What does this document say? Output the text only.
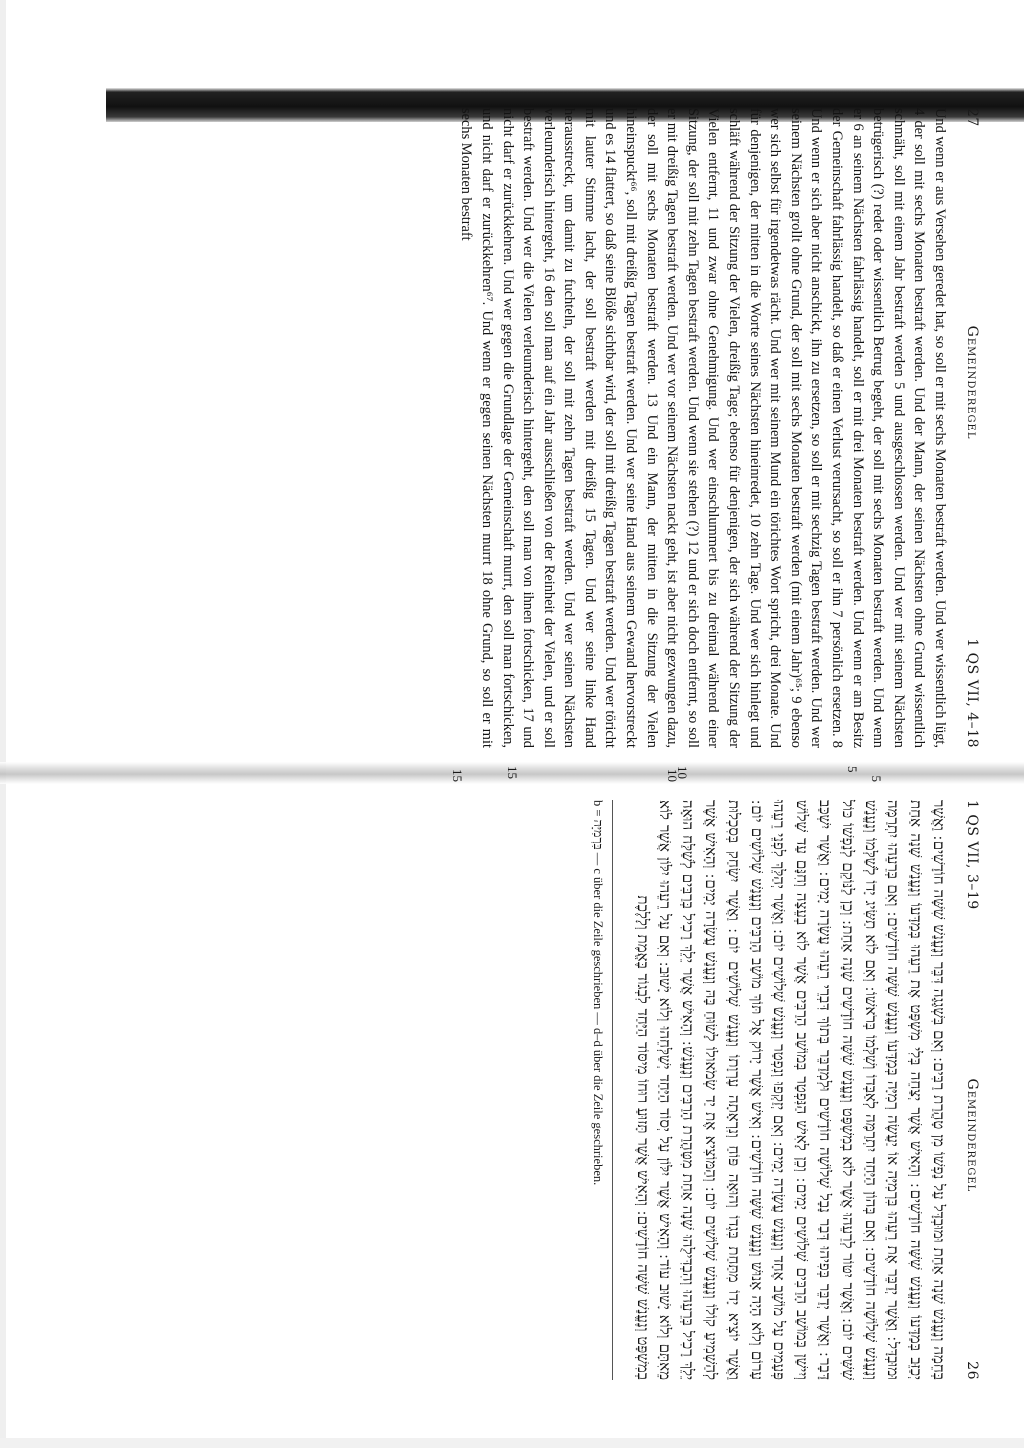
27
Gemeinderegel
1 QS VII, 4–18

Und wenn er aus Versehen geredet hat, so soll er mit sechs Monaten bestraft werden. Und wer wissentlich lügt, 4 der soll mit sechs Monaten bestraft werden. Und der Mann, der seinen Nächsten ohne Grund wissentlich schmäht, soll mit einem Jahr bestraft werden 5 und ausgeschlossen werden. Und wer mit seinem Nächsten betrügerisch (?) redet oder wissentlich Betrug begeht, der soll mit sechs Monaten bestraft werden. Und wenn er 6 an seinem Nächsten fahrlässig handelt, soll er mit drei Monaten bestraft werden. Und wenn er am Besitz der Gemeinschaft fahrlässig handelt, so daß er einen Verlust verursacht, so soll er ihn 7 persönlich ersetzen. 8 Und wenn er sich aber nicht anschickt, ihn zu ersetzen, so soll er mit sechzig Tagen bestraft werden. Und wer seinem Nächsten grollt ohne Grund, der soll mit sechs Monaten bestraft werden (mit einem Jahr)⁶⁵; 9 ebenso wer sich selbst für irgendetwas rächt. Und wer mit seinem Mund ein törichtes Wort spricht, drei Monate. Und für denjenigen, der mitten in die Worte seines Nächsten hineinredet, 10 zehn Tage. Und wer sich hinlegt und schläft während der Sitzung der Vielen, dreißig Tage; ebenso für denjenigen, der sich während der Sitzung der Vielen entfernt, 11 und zwar ohne Genehmigung. Und wer einschlummert bis zu dreimal während einer Sitzung, der soll mit zehn Tagen bestraft werden. Und wenn sie stehen (?) 12 und er sich doch entfernt, so soll er mit dreißig Tagen bestraft werden. Und wer vor seinem Nächsten nackt geht, ist aber nicht gezwungen dazu, der soll mit sechs Monaten bestraft werden. 13 Und ein Mann, der mitten in die Sitzung der Vielen hineinspuckt⁶⁶, soll mit dreißig Tagen bestraft werden. Und wer seine Hand aus seinem Gewand hervorstreckt und es 14 flattert, so daß seine Blöße sichtbar wird, der soll mit dreißig Tagen bestraft werden. Und wer töricht mit lauter Stimme lacht, der soll bestraft werden mit dreißig 15 Tagen. Und wer seine linke Hand herausstreckt, um damit zu fuchteln, der soll mit zehn Tagen bestraft werden. Und wer seinen Nächsten verleumderisch hintergeht, 16 den soll man auf ein Jahr ausschließen von der Reinheit der Vielen, und er soll bestraft werden. Und wer die Vielen verleumderisch hintergeht, den soll man von ihnen fortschicken, 17 und nicht darf er zurückkehren. Und wer gegen die Grundlage der Gemeinschaft murrt, den soll man fortschicken, und nicht darf er zurückkehren⁶⁷. Und wenn er gegen seinen Nächsten murrt 18 ohne Grund, so soll er mit sechs Monaten bestraft

5
10
15
1 QS VII, 3–19
Gemeinderegel
26

בְּחֵמָה וְנֶעֱנַשׁ שָׁנָה אַחַת וּמוּבְדָּל עַל נַפְשׁוֹ מִן טָהֳרַת רַבִּים ׃ וְאִם בִּשְׁגָגָה דִּבֵּר וְנֶעֱנַשׁ שִׁשָּׁה חוֹדָשִׁים ׃ וַאֲשֶׁר יְכַזֵּב בְּמַדָּעוֹ וְנֶעֱנַשׁ שִׁשָּׁה חוֹדָשִׁים ׃ וְהָאִישׁ אֲשֶׁר יְצַחֵה בְּלִי מִשְׁפָּט אֶת רֵעֵהוּ בְּמַדָּעוֹ וְנֶעֱנַשׁ שָׁנָה אַחַת וּמוּבְדָּל ׃ וַאֲשֶׁר יְדַבֵּר אֶת רֵעֵהוּ בִּרְמִיָּה אוֹ יַעֲשֶׂה רְמִיָּה בְּמַדָּעוֹ וְנֶעֱנַשׁ שִׁשָּׁה חוֹדָשִׁים ׃ וְאִם בְּרֵעֵהוּ יִתְרַמֶּה וְנֶעֱנַשׁ שְׁלוֹשָׁה חוֹדָשִׁים ׃ וְאִם בְּהוֹן הַיַּחַד יִתְרַמֶּה לְאַבְּדוֹ וְשִׁלְּמוֹ בְּרֹאשׁוֹ ׃ וְאִם לוֹא תַשִּׂיג יָדוֹ לְשַׁלְּמוֹ וְנֶעֱנַשׁ שִׁשִּׁים יוֹם ׃ וַאֲשֶׁר יִטּוֹר לְרֵעֵהוּ אֲשֶׁר לוֹא בְמִשְׁפָּט וְנֶעֱנַשׁ שִׁשָּׁה חוֹדָשִׁים שָׁנָה אַחַת ׃ וְכֵן לַנּוֹקֵם לְנַפְשׁוֹ כּוֹל דָּבָר ׃ וַאֲשֶׁר יְדַבֵּר בְּפִיהוּ דְּבַר נָבָל שְׁלוֹשָׁה חוֹדָשִׁים וּלְמְדַבֵּר בְּתוֹךְ דִּבְרֵי רֵעֵהוּ עֲשָׂרָה יָמִים ׃ וַאֲשֶׁר יִשְׁכַּב וְיִישַׁן בְּמוֹשַׁב הָרַבִּים שְׁלוֹשִׁים יָמִים ׃ וְכֵן לָאִישׁ הַנִּפְטָר בְּמוֹשַׁב הָרַבִּים אֲשֶׁר לוֹא בְעֵצָה וְחִנָּם עַד שָׁלוֹשׁ פְּעָמִים עַל מוֹשָׁב אֶחָד וְנֶעֱנַשׁ עֲשָׂרָה יָמִים ׃ וְאִם יְזַקְפוּ וְנִפְטַר וְנֶעֱנַשׁ שְׁלוֹשִׁים יוֹם ׃ וַאֲשֶׁר יְהַלֵּךְ לִפְנֵי רֵעֵהוּ עָרוֹם וְלוֹא הָיָה אָנוּשׁ וְנֶעֱנַשׁ שִׁשָּׁה חוֹדָשִׁים ׃ וְאִישׁ אֲשֶׁר יָרוֹק אֶל תּוֹךְ מוֹשַׁב הָרַבִּים וְנֶעֱנַשׁ שְׁלוֹשִׁים יוֹם ׃ וַאֲשֶׁר יוֹצִיא יָדוֹ מִתַּחַת בִּגְדוֹ וְהוּאָה פּוֹחַ וְנִרְאָתָה עֶרְוָתוֹ וְנֶעֱנַשׁ שְׁלוֹשִׁים יוֹם ׃ וַאֲשֶׁר יִשְׂחַק בְּסִכְלוּת לְהַשְׁמִיעַ קוֹלוֹ וְנֶעֱנַשׁ שְׁלוֹשִׁים יוֹם ׃ וְהַמּוֹצִיא אֶת יַד שְׂמֹאולוֹ לָשׂוּחַ בָּהּ וְנֶעֱנַשׁ עֲשָׂרָה יָמִים ׃ וְהָאִישׁ אֲשֶׁר יֵלֵךְ רָכִיל בְּרֵעֵהוּ וְהִבְדִּילֻהוּ שָׁנָה אַחַת מִטָּהֳרַת הָרַבִּים וְנֶעֱנַשׁ ׃ וְהָאִישׁ אֲשֶׁר יֵלֵךְ רָכִיל בְּרַבִּים לְשַׁלַּח הוּאָה מֵאִתָּם וְלוֹא יָשׁוּב עוֹד ׃ וְהָאִישׁ אֲשֶׁר יִלּוֹן עַל יְסוֹד הַיַּחַד יְשַׁלְּחֵהוּ וְלוֹא יָשׁוּב ׃ וְאִם עַל רֵעֵהוּ יִלּוֹן אֲשֶׁר לוֹא בְמִשְׁפָּט וְנֶעֱנַשׁ שִׁשָּׁה חוֹדָשִׁים ׃ וְהָאִישׁ אֲשֶׁר תָּזוּעַ רוּחוֹ מִיסּוֹד הַיַּחַד לִבְגוֹד בֶּאֱמֶת וְלָלֶכֶת

b = בִּרְמִיָּה — c über die Zeile geschrieben — d–d über die Zeile geschrieben.
5
10
15
